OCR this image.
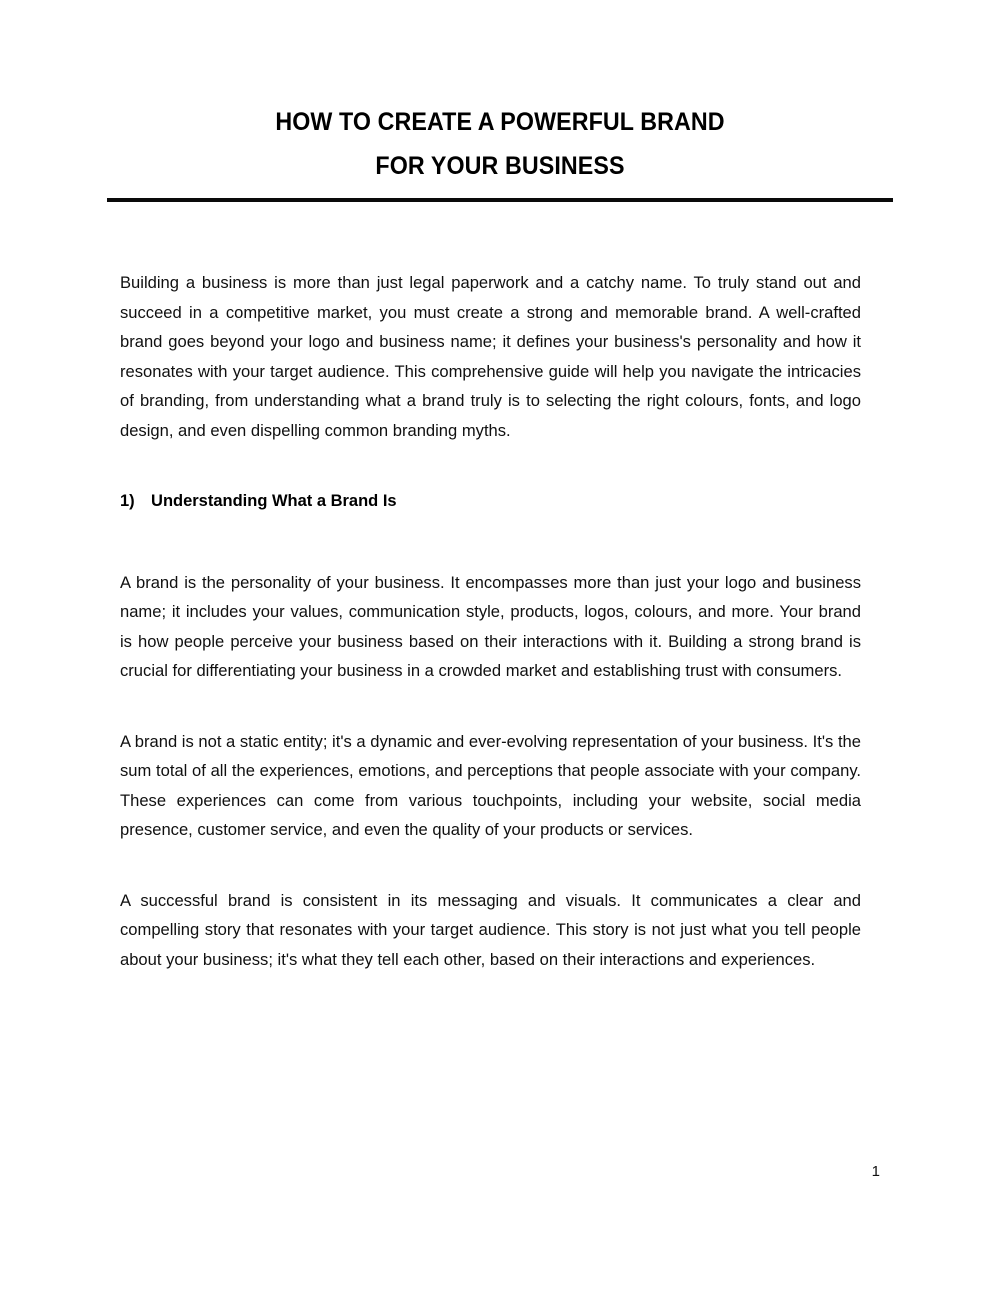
HOW TO CREATE A POWERFUL BRAND
FOR YOUR BUSINESS

Building a business is more than just legal paperwork and a catchy name. To truly stand out and succeed in a competitive market, you must create a strong and memorable brand. A well-crafted brand goes beyond your logo and business name; it defines your business's personality and how it resonates with your target audience. This comprehensive guide will help you navigate the intricacies of branding, from understanding what a brand truly is to selecting the right colours, fonts, and logo design, and even dispelling common branding myths.

1) Understanding What a Brand Is

A brand is the personality of your business. It encompasses more than just your logo and business name; it includes your values, communication style, products, logos, colours, and more. Your brand is how people perceive your business based on their interactions with it. Building a strong brand is crucial for differentiating your business in a crowded market and establishing trust with consumers.

A brand is not a static entity; it's a dynamic and ever-evolving representation of your business. It's the sum total of all the experiences, emotions, and perceptions that people associate with your company. These experiences can come from various touchpoints, including your website, social media presence, customer service, and even the quality of your products or services.

A successful brand is consistent in its messaging and visuals. It communicates a clear and compelling story that resonates with your target audience. This story is not just what you tell people about your business; it's what they tell each other, based on their interactions and experiences.

1
